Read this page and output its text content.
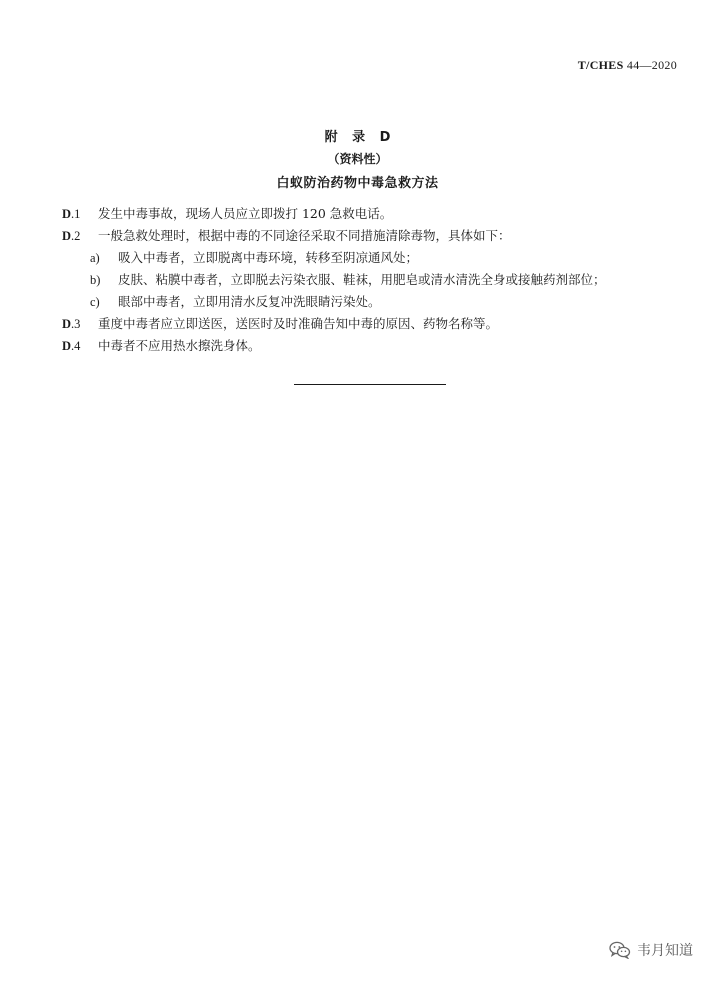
T/CHES 44—2020
附 录 D
（资料性）
白蚁防治药物中毒急救方法
D.1 发生中毒事故，现场人员应立即拨打 120 急救电话。
D.2 一般急救处理时，根据中毒的不同途径采取不同措施清除毒物，具体如下：
a) 吸入中毒者，立即脱离中毒环境，转移至阴凉通风处；
b) 皮肤、粘膜中毒者，立即脱去污染衣服、鞋袜，用肥皂或清水清洗全身或接触药剂部位；
c) 眼部中毒者，立即用清水反复冲洗眼睛污染处。
D.3 重度中毒者应立即送医，送医时及时准确告知中毒的原因、药物名称等。
D.4 中毒者不应用热水擦洗身体。
韦月知道
